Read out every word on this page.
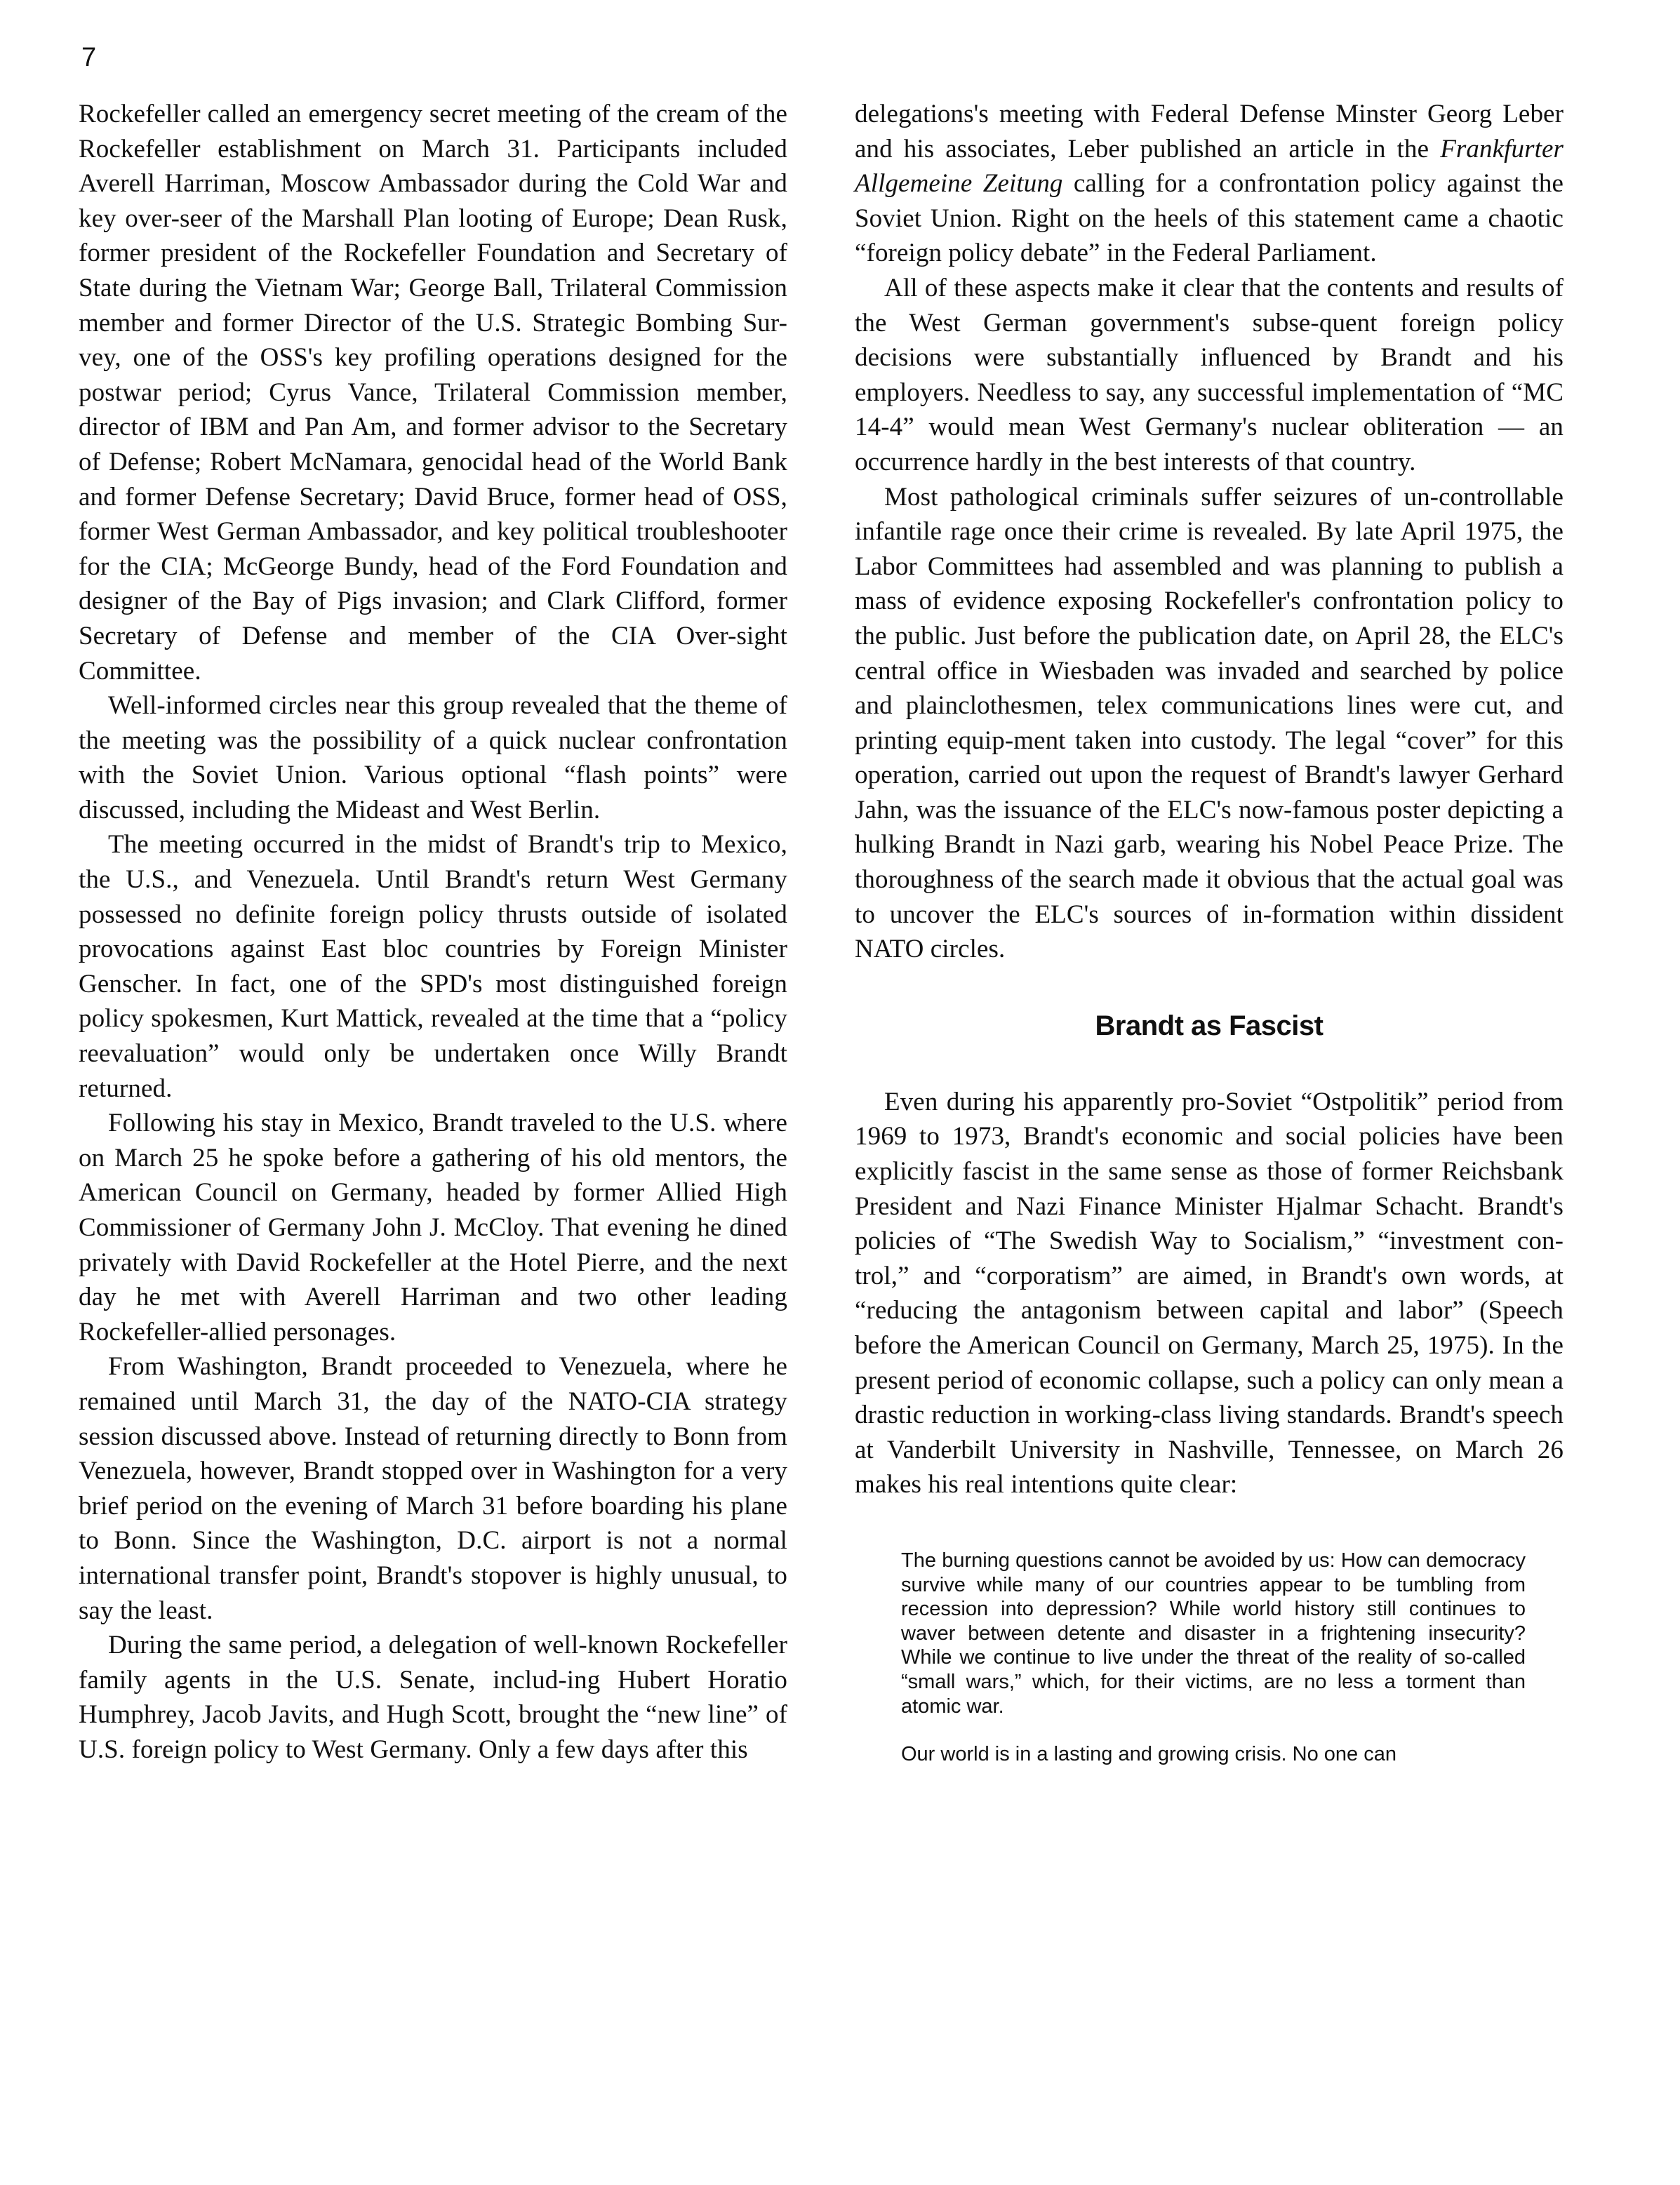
7

Rockefeller called an emergency secret meeting of the cream of the Rockefeller establishment on March 31. Participants included Averell Harriman, Moscow Ambassador during the Cold War and key over-seer of the Marshall Plan looting of Europe; Dean Rusk, former president of the Rockefeller Foundation and Secretary of State during the Vietnam War; George Ball, Trilateral Commission member and former Director of the U.S. Strategic Bombing Sur-vey, one of the OSS's key profiling operations designed for the postwar period; Cyrus Vance, Trilateral Commission member, director of IBM and Pan Am, and former advisor to the Secretary of Defense; Robert McNamara, genocidal head of the World Bank and former Defense Secretary; David Bruce, former head of OSS, former West German Ambassador, and key political troubleshooter for the CIA; McGeorge Bundy, head of the Ford Foundation and designer of the Bay of Pigs invasion; and Clark Clifford, former Secretary of Defense and member of the CIA Over-sight Committee.

Well-informed circles near this group revealed that the theme of the meeting was the possibility of a quick nuclear confrontation with the Soviet Union. Various optional “flash points” were discussed, including the Mideast and West Berlin.

The meeting occurred in the midst of Brandt's trip to Mexico, the U.S., and Venezuela. Until Brandt's return West Germany possessed no definite foreign policy thrusts outside of isolated provocations against East bloc countries by Foreign Minister Genscher. In fact, one of the SPD's most distinguished foreign policy spokesmen, Kurt Mattick, revealed at the time that a “policy reevaluation” would only be undertaken once Willy Brandt returned.

Following his stay in Mexico, Brandt traveled to the U.S. where on March 25 he spoke before a gathering of his old mentors, the American Council on Germany, headed by former Allied High Commissioner of Germany John J. McCloy. That evening he dined privately with David Rockefeller at the Hotel Pierre, and the next day he met with Averell Harriman and two other leading Rockefeller-allied personages.

From Washington, Brandt proceeded to Venezuela, where he remained until March 31, the day of the NATO-CIA strategy session discussed above. Instead of returning directly to Bonn from Venezuela, however, Brandt stopped over in Washington for a very brief period on the evening of March 31 before boarding his plane to Bonn. Since the Washington, D.C. airport is not a normal international transfer point, Brandt's stopover is highly unusual, to say the least.

During the same period, a delegation of well-known Rockefeller family agents in the U.S. Senate, includ-ing Hubert Horatio Humphrey, Jacob Javits, and Hugh Scott, brought the “new line” of U.S. foreign policy to West Germany. Only a few days after this

delegations's meeting with Federal Defense Minster Georg Leber and his associates, Leber published an article in the Frankfurter Allgemeine Zeitung calling for a confrontation policy against the Soviet Union. Right on the heels of this statement came a chaotic “foreign policy debate” in the Federal Parliament.

All of these aspects make it clear that the contents and results of the West German government's subse-quent foreign policy decisions were substantially influenced by Brandt and his employers. Needless to say, any successful implementation of “MC 14-4” would mean West Germany's nuclear obliteration — an occurrence hardly in the best interests of that country.

Most pathological criminals suffer seizures of un-controllable infantile rage once their crime is revealed. By late April 1975, the Labor Committees had assembled and was planning to publish a mass of evidence exposing Rockefeller's confrontation policy to the public. Just before the publication date, on April 28, the ELC's central office in Wiesbaden was invaded and searched by police and plainclothesmen, telex communications lines were cut, and printing equip-ment taken into custody. The legal “cover” for this operation, carried out upon the request of Brandt's lawyer Gerhard Jahn, was the issuance of the ELC's now-famous poster depicting a hulking Brandt in Nazi garb, wearing his Nobel Peace Prize. The thoroughness of the search made it obvious that the actual goal was to uncover the ELC's sources of in-formation within dissident NATO circles.

Brandt as Fascist

Even during his apparently pro-Soviet “Ostpolitik” period from 1969 to 1973, Brandt's economic and social policies have been explicitly fascist in the same sense as those of former Reichsbank President and Nazi Finance Minister Hjalmar Schacht. Brandt's policies of “The Swedish Way to Socialism,” “investment con-trol,” and “corporatism” are aimed, in Brandt's own words, at “reducing the antagonism between capital and labor” (Speech before the American Council on Germany, March 25, 1975). In the present period of economic collapse, such a policy can only mean a drastic reduction in working-class living standards. Brandt's speech at Vanderbilt University in Nashville, Tennessee, on March 26 makes his real intentions quite clear:

The burning questions cannot be avoided by us: How can democracy survive while many of our countries appear to be tumbling from recession into depression? While world history still continues to waver between detente and disaster in a frightening insecurity? While we continue to live under the threat of the reality of so-called “small wars,” which, for their victims, are no less a torment than atomic war.

Our world is in a lasting and growing crisis. No one can
